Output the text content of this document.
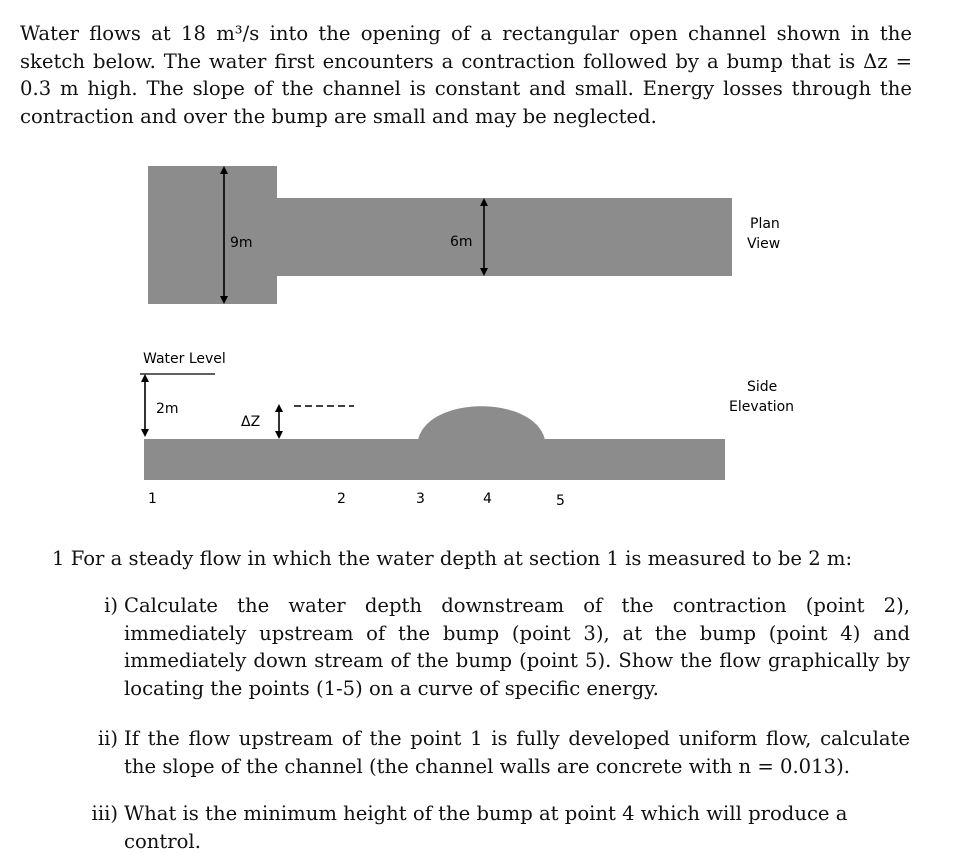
Water flows at 18 m³/s into the opening of a rectangular open channel shown in the sketch below. The water first encounters a contraction followed by a bump that is Δz = 0.3 m high. The slope of the channel is constant and small. Energy losses through the contraction and over the bump are small and may be neglected.

9m	6m
Plan
View
Water Level
2m
ΔZ
Side
Elevation
1	2	3	4	5

1 For a steady flow in which the water depth at section 1 is measured to be 2 m:

i) Calculate the water depth downstream of the contraction (point 2), immediately upstream of the bump (point 3), at the bump (point 4) and immediately down stream of the bump (point 5). Show the flow graphically by locating the points (1-5) on a curve of specific energy.

ii) If the flow upstream of the point 1 is fully developed uniform flow, calculate the slope of the channel (the channel walls are concrete with n = 0.013).

iii) What is the minimum height of the bump at point 4 which will produce a control.
